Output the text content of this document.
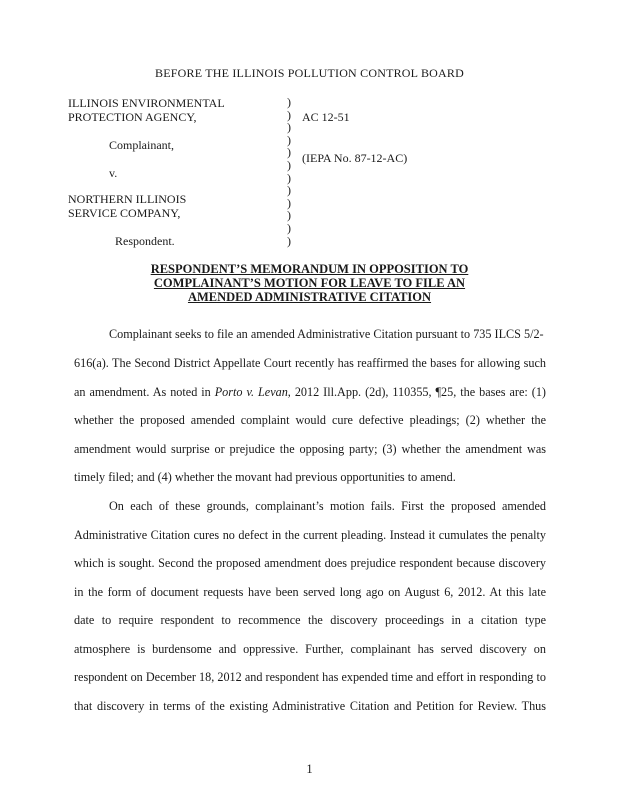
BEFORE THE ILLINOIS POLLUTION CONTROL BOARD
ILLINOIS ENVIRONMENTAL
PROTECTION AGENCY,
Complainant,
v.
NORTHERN ILLINOIS
SERVICE COMPANY,
Respondent.
)
)
)
)
)
)
)
)
)
)
)
)
AC 12-51
(IEPA No. 87-12-AC)
RESPONDENT’S MEMORANDUM IN OPPOSITION TO
COMPLAINANT’S MOTION FOR LEAVE TO FILE AN
AMENDED ADMINISTRATIVE CITATION
Complainant seeks to file an amended Administrative Citation pursuant to 735 ILCS 5/2-
616(a). The Second District Appellate Court recently has reaffirmed the bases for allowing such
an amendment. As noted in Porto v. Levan, 2012 Ill.App. (2d), 110355, ¶25, the bases are: (1)
whether the proposed amended complaint would cure defective pleadings; (2) whether the
amendment would surprise or prejudice the opposing party; (3) whether the amendment was
timely filed; and (4) whether the movant had previous opportunities to amend.
On each of these grounds, complainant’s motion fails. First the proposed amended
Administrative Citation cures no defect in the current pleading. Instead it cumulates the penalty
which is sought. Second the proposed amendment does prejudice respondent because discovery
in the form of document requests have been served long ago on August 6, 2012. At this late
date to require respondent to recommence the discovery proceedings in a citation type
atmosphere is burdensome and oppressive. Further, complainant has served discovery on
respondent on December 18, 2012 and respondent has expended time and effort in responding to
that discovery in terms of the existing Administrative Citation and Petition for Review. Thus
1
